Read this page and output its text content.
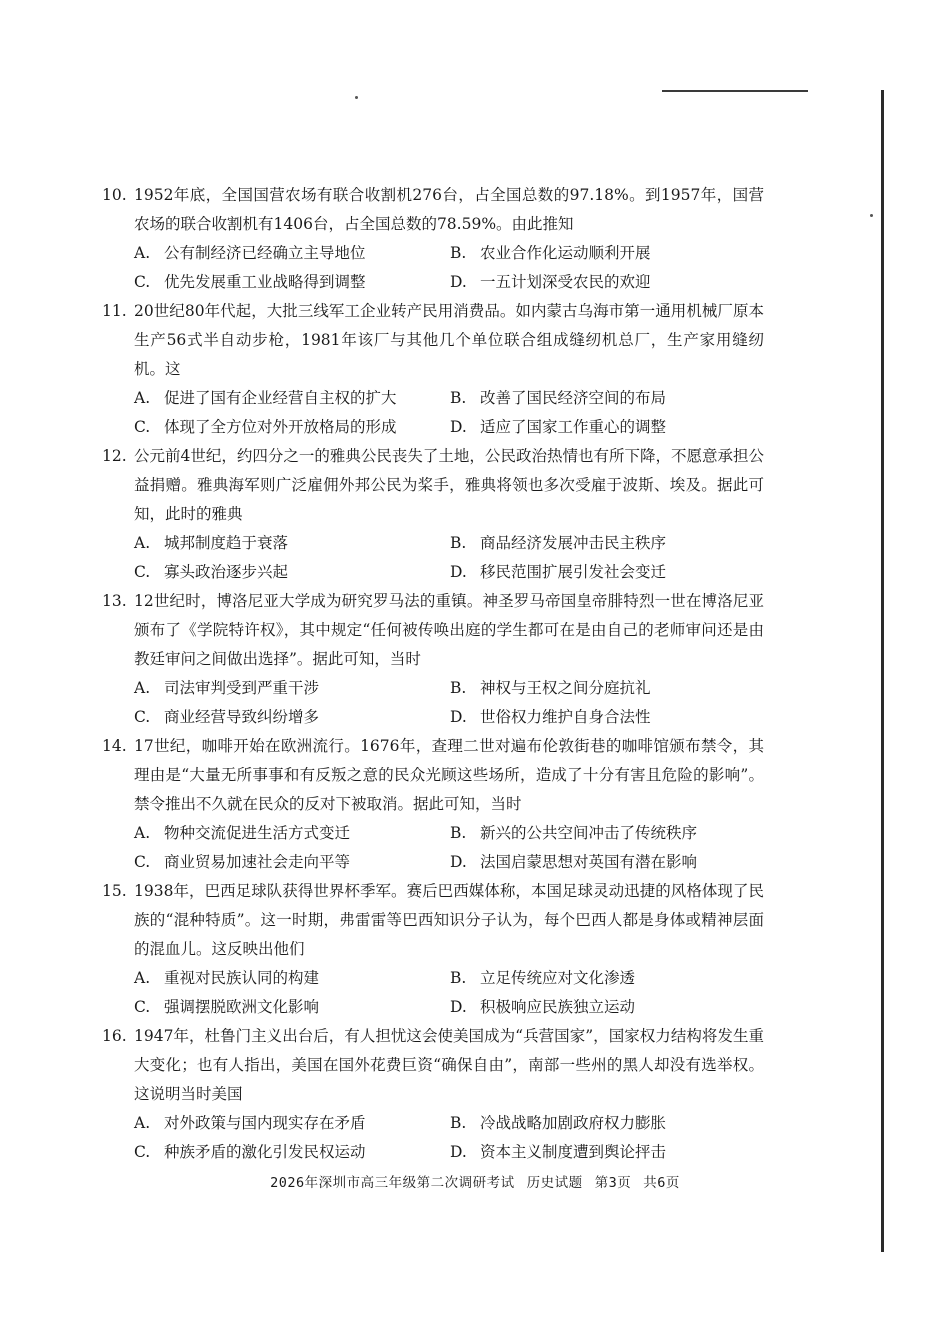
10. 1952年底，全国国营农场有联合收割机276台，占全国总数的97.18%。到1957年，国营农场的联合收割机有1406台，占全国总数的78.59%。由此推知
A. 公有制经济已经确立主导地位	B. 农业合作化运动顺利开展
C. 优先发展重工业战略得到调整	D. 一五计划深受农民的欢迎
11. 20世纪80年代起，大批三线军工企业转产民用消费品。如内蒙古乌海市第一通用机械厂原本生产56式半自动步枪，1981年该厂与其他几个单位联合组成缝纫机总厂，生产家用缝纫机。这
A. 促进了国有企业经营自主权的扩大	B. 改善了国民经济空间的布局
C. 体现了全方位对外开放格局的形成	D. 适应了国家工作重心的调整
12. 公元前4世纪，约四分之一的雅典公民丧失了土地，公民政治热情也有所下降，不愿意承担公益捐赠。雅典海军则广泛雇佣外邦公民为桨手，雅典将领也多次受雇于波斯、埃及。据此可知，此时的雅典
A. 城邦制度趋于衰落	B. 商品经济发展冲击民主秩序
C. 寡头政治逐步兴起	D. 移民范围扩展引发社会变迁
13. 12世纪时，博洛尼亚大学成为研究罗马法的重镇。神圣罗马帝国皇帝腓特烈一世在博洛尼亚颁布了《学院特许权》，其中规定“任何被传唤出庭的学生都可在是由自己的老师审问还是由教廷审问之间做出选择”。据此可知，当时
A. 司法审判受到严重干涉	B. 神权与王权之间分庭抗礼
C. 商业经营导致纠纷增多	D. 世俗权力维护自身合法性
14. 17世纪，咖啡开始在欧洲流行。1676年，查理二世对遍布伦敦街巷的咖啡馆颁布禁令，其理由是“大量无所事事和有反叛之意的民众光顾这些场所，造成了十分有害且危险的影响”。禁令推出不久就在民众的反对下被取消。据此可知，当时
A. 物种交流促进生活方式变迁	B. 新兴的公共空间冲击了传统秩序
C. 商业贸易加速社会走向平等	D. 法国启蒙思想对英国有潜在影响
15. 1938年，巴西足球队获得世界杯季军。赛后巴西媒体称，本国足球灵动迅捷的风格体现了民族的“混种特质”。这一时期，弗雷雷等巴西知识分子认为，每个巴西人都是身体或精神层面的混血儿。这反映出他们
A. 重视对民族认同的构建	B. 立足传统应对文化渗透
C. 强调摆脱欧洲文化影响	D. 积极响应民族独立运动
16. 1947年，杜鲁门主义出台后，有人担忧这会使美国成为“兵营国家”，国家权力结构将发生重大变化；也有人指出，美国在国外花费巨资“确保自由”，南部一些州的黑人却没有选举权。这说明当时美国
A. 对外政策与国内现实存在矛盾	B. 冷战战略加剧政府权力膨胀
C. 种族矛盾的激化引发民权运动	D. 资本主义制度遭到舆论抨击
2026年深圳市高三年级第二次调研考试 历史试题 第3页 共6页
